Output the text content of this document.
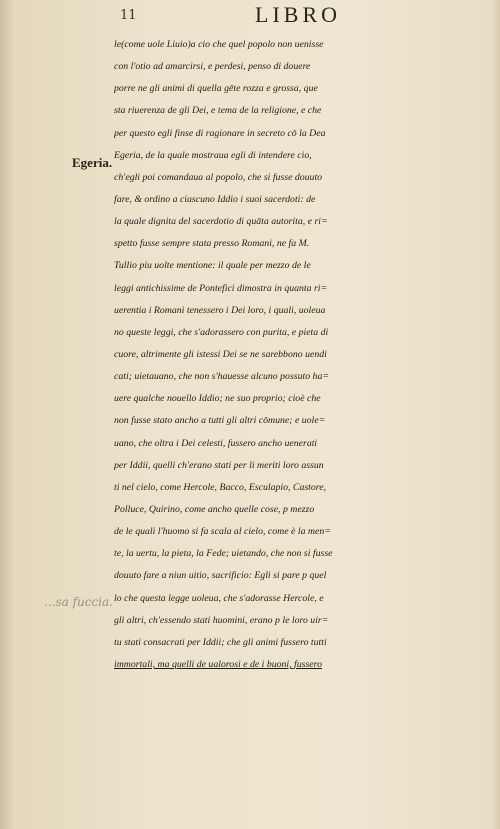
11	LIBRO
Egeria.
...sa fuccia.
le(come uole Liuio)a cio che quel popolo non uenisse
con l'otio ad amarcirsi, e perdesi, penso di douere
porre ne gli animi di quella gēte rozza e grossa, que
sta riuerenza de gli Dei, e tema de la religione, e che
per questo egli finse di ragionare in secreto cō la Dea
Egeria, de la quale mostraua egli di intendere cio,
ch'egli poi comandaua al popolo, che si fusse douuto
fare, & ordino a ciascuno Iddio i suoi sacerdoti: de
la quale dignita del sacerdotio di quāta autorita, e ri=
spetto fusse sempre stata presso Romani, ne fa M.
Tullio piu uolte mentione: il quale per mezzo de le
leggi antichissime de Pontefici dimostra in quanta ri=
uerentia i Romani tenessero i Dei loro, i quali, uoleua
no queste leggi, che s'adorassero con purita, e pieta di
cuore, altrimente gli istessi Dei se ne sarebbono uendi
cati; uietauano, che non s'hauesse alcuno possuto ha=
uere qualche nouello Iddio; ne suo proprio; cioè che
non fusse stato ancho a tutti gli altri cōmune; e uole=
uano, che oltra i Dei celesti, fussero ancho uenerati
per Iddii, quelli ch'erano stati per li meriti loro assun
ti nel cielo, come Hercole, Bacco, Esculapio, Castore,
Polluce, Quirino, come ancho quelle cose, p mezzo
de le quali l'huomo si fa scala al cielo, come è la men=
te, la uertu, la pieta, la Fede; uietando, che non si fusse
douuto fare a niun uitio, sacrificio: Egli si pare p quel
lo che questa legge uoleua, che s'adorasse Hercole, e
gli altri, ch'essendo stati huomini, erano p le loro uir=
tu stati consacrati per Iddii; che gli animi fussero tutti
immortali, ma quelli de ualorosi e de i buoni, fussero
